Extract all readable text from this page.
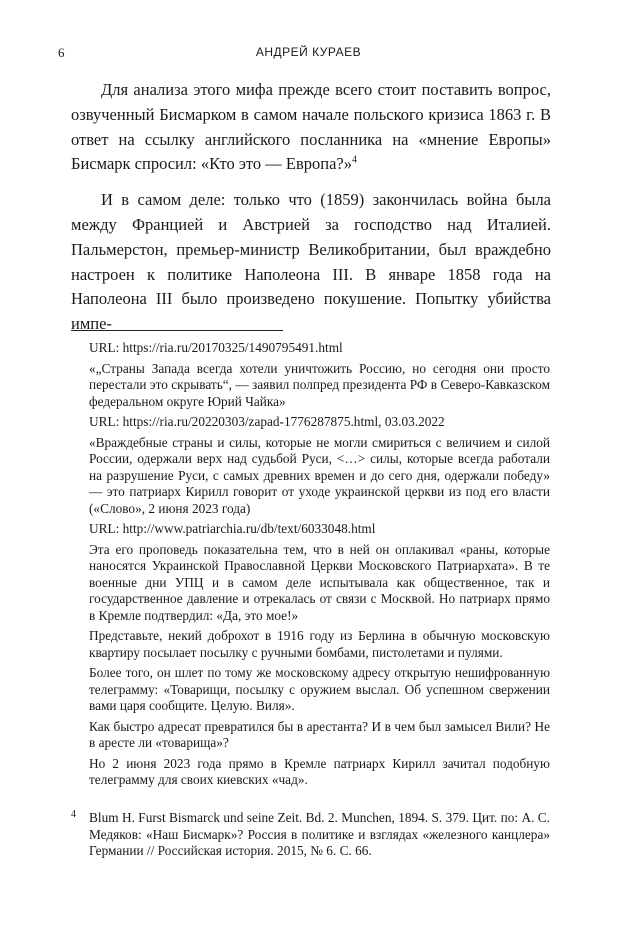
6	АНДРЕЙ КУРАЕВ

Для анализа этого мифа прежде всего стоит поставить вопрос, озвученный Бисмарком в самом начале польского кризиса 1863 г. В ответ на ссылку английского посланника на «мнение Европы» Бисмарк спросил: «Кто это — Европа?»$^4$

И в самом деле: только что (1859) закончилась война была между Францией и Австрией за господство над Италией. Пальмерстон, премьер-министр Великобритании, был враждебно настроен к политике Наполеона III. В январе 1858 года на Наполеона III было произведено покушение. Попытку убийства импе-

URL: https://ria.ru/20170325/1490795491.html

«„Страны Запада всегда хотели уничтожить Россию, но сегодня они просто перестали это скрывать“, — заявил полпред президента РФ в Северо-Кавказском федеральном округе Юрий Чайка»

URL: https://ria.ru/20220303/zapad-1776287875.html, 03.03.2022

«Враждебные страны и силы, которые не могли смириться с величием и силой России, одержали верх над судьбой Руси, <…> силы, которые всегда работали на разрушение Руси, с самых древних времен и до сего дня, одержали победу» — это патриарх Кирилл говорит от уходе украинской церкви из под его власти («Слово», 2 июня 2023 года)

URL: http://www.patriarchia.ru/db/text/6033048.html

Эта его проповедь показательна тем, что в ней он оплакивал «раны, которые наносятся Украинской Православной Церкви Московского Патриархата». В те военные дни УПЦ и в самом деле испытывала как общественное, так и государственное давление и отрекалась от связи с Москвой. Но патриарх прямо в Кремле подтвердил: «Да, это мое!»

Представьте, некий доброхот в 1916 году из Берлина в обычную московскую квартиру посылает посылку с ручными бомбами, пистолетами и пулями.

Более того, он шлет по тому же московскому адресу открытую нешифрованную телеграмму: «Товарищи, посылку с оружием выслал. Об успешном свержении вами царя сообщите. Целую. Виля».

Как быстро адресат превратился бы в арестанта? И в чем был замысел Вили? Не в аресте ли «товарища»?

Но 2 июня 2023 года прямо в Кремле патриарх Кирилл зачитал подобную телеграмму для своих киевских «чад».

4 Blum H. Furst Bismarck und seine Zeit. Bd. 2. Munchen, 1894. S. 379. Цит. по: А. С. Медяков: «Наш Бисмарк»? Россия в политике и взглядах «железного канцлера» Германии // Российская история. 2015, № 6. С. 66.
